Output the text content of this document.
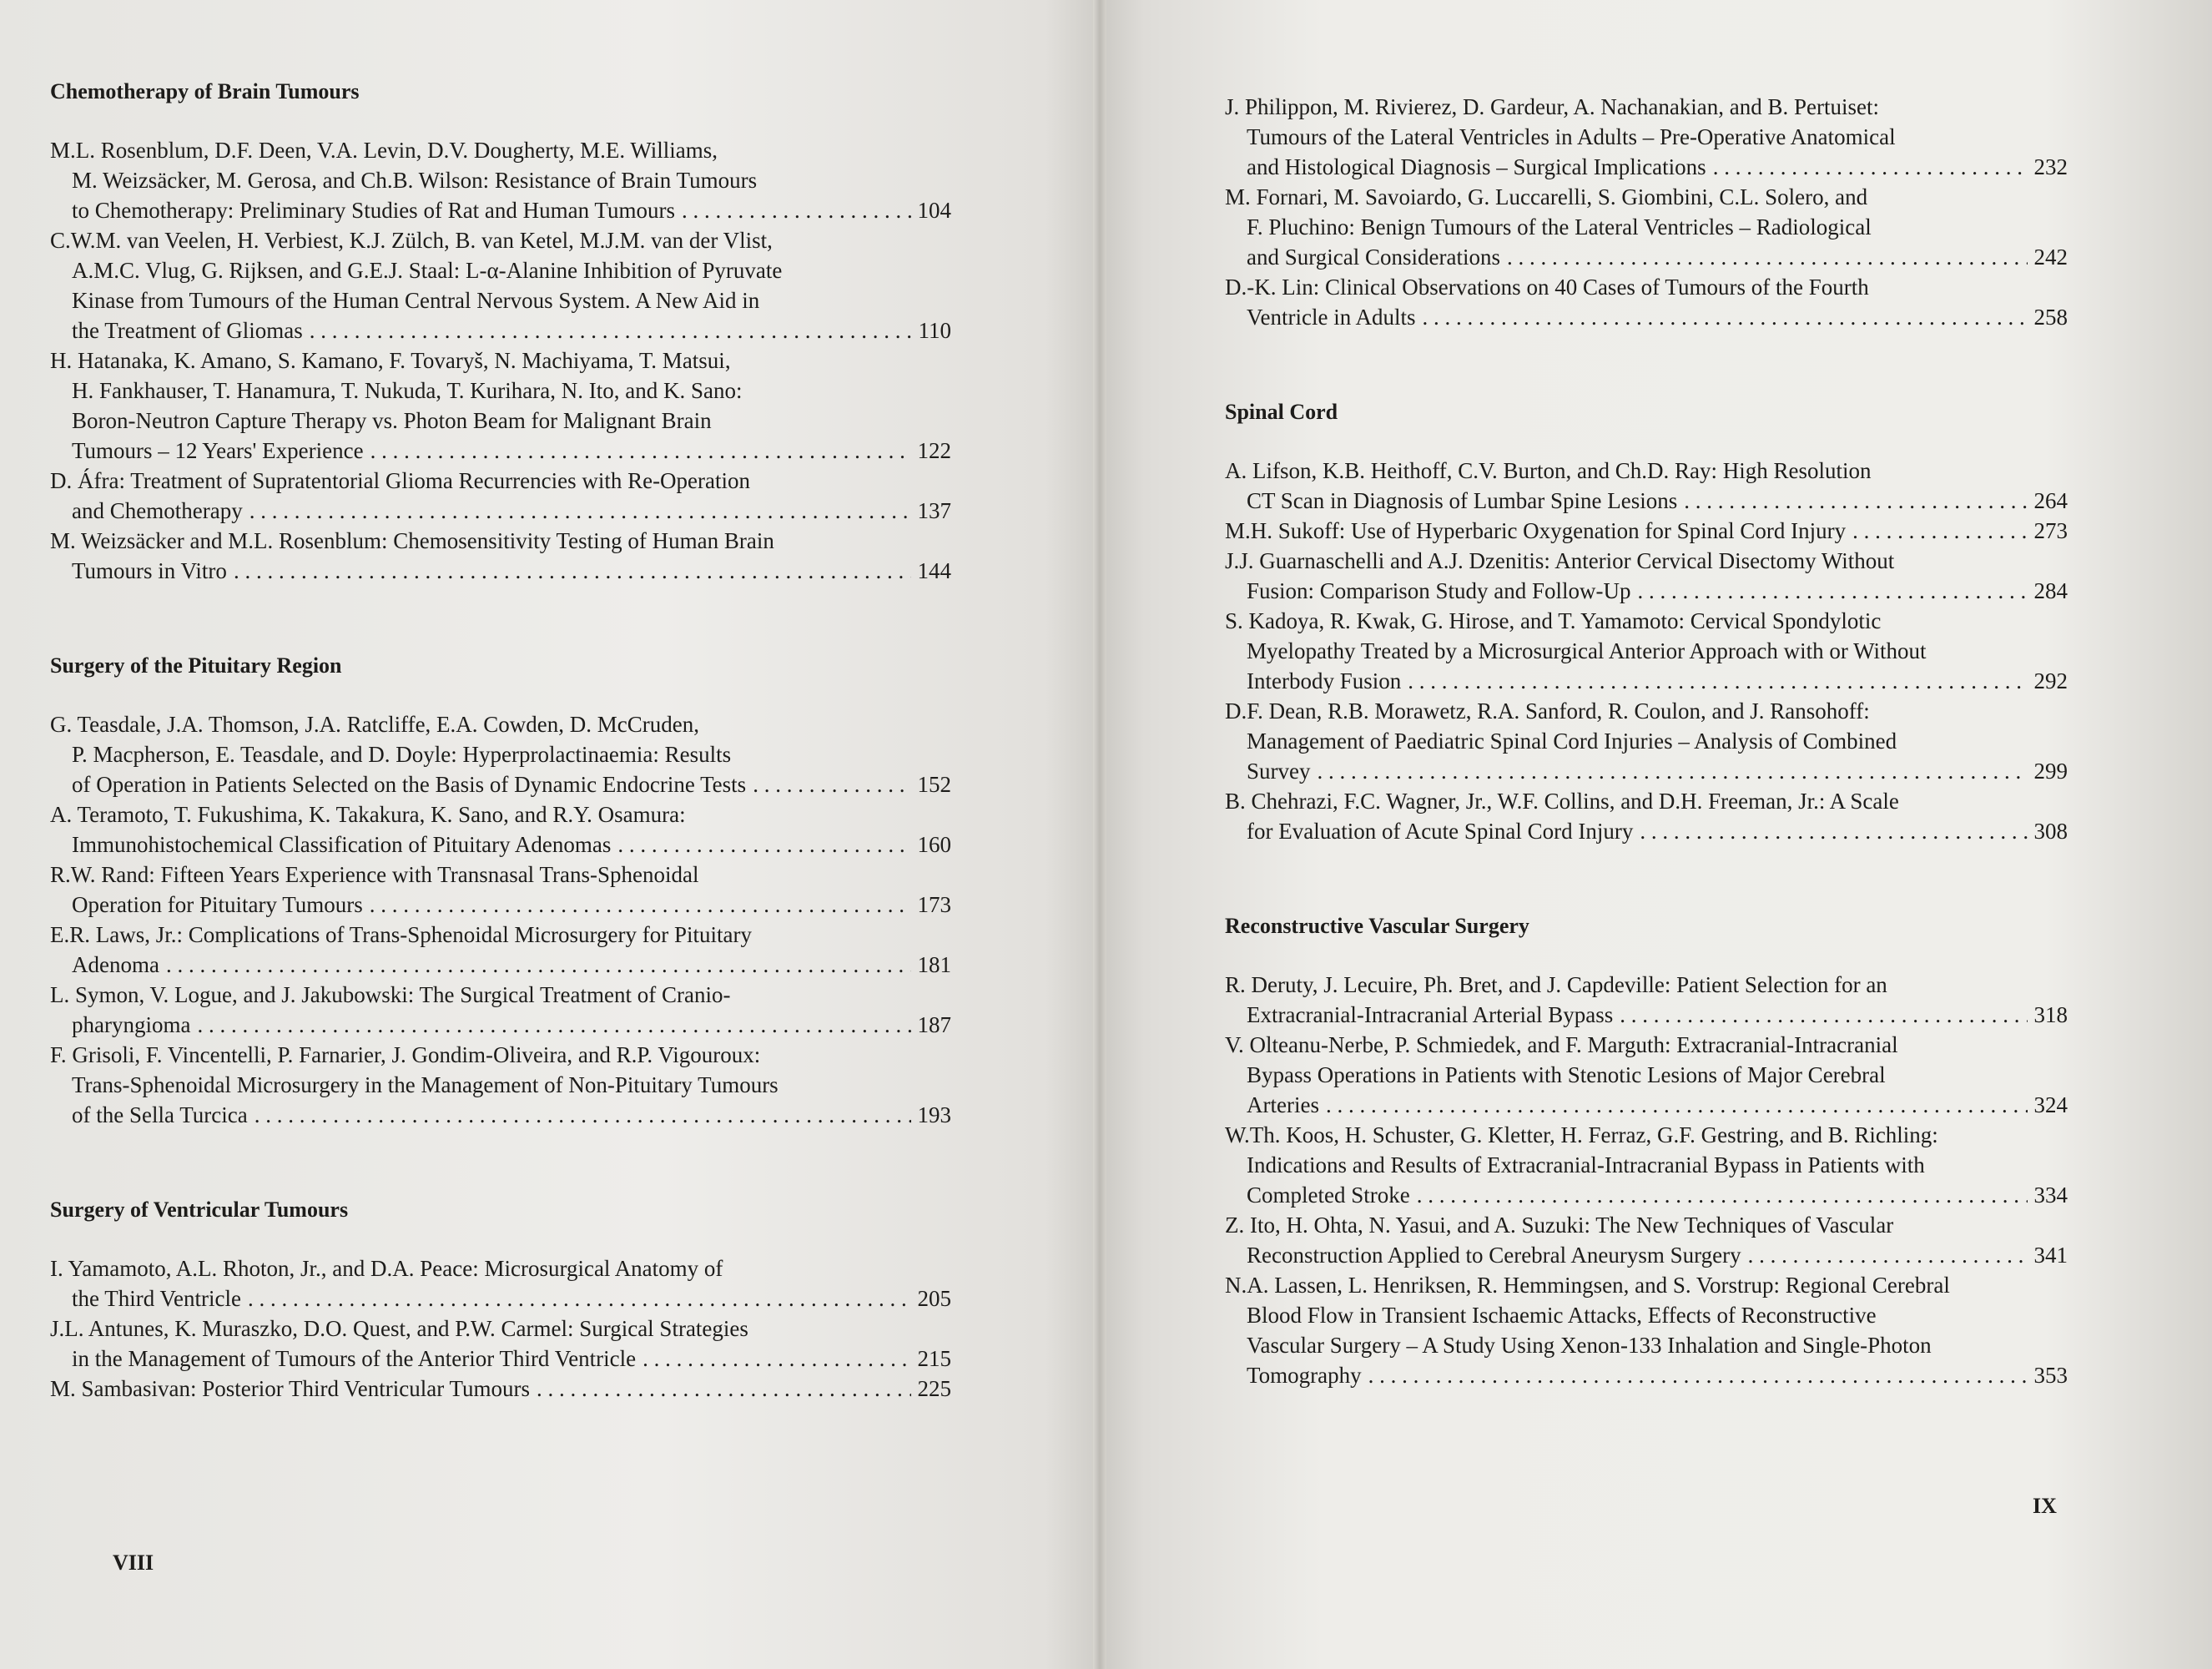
Chemotherapy of Brain Tumours
M.L. Rosenblum, D.F. Deen, V.A. Levin, D.V. Dougherty, M.E. Williams,
M. Weizsäcker, M. Gerosa, and Ch.B. Wilson: Resistance of Brain Tumours
to Chemotherapy: Preliminary Studies of Rat and Human Tumours . . .	104
C.W.M. van Veelen, H. Verbiest, K.J. Zülch, B. van Ketel, M.J.M. van der Vlist,
A.M.C. Vlug, G. Rijksen, and G.E.J. Staal: L-α-Alanine Inhibition of Pyruvate
Kinase from Tumours of the Human Central Nervous System. A New Aid in
the Treatment of Gliomas . . .	110
H. Hatanaka, K. Amano, S. Kamano, F. Tovaryš, N. Machiyama, T. Matsui,
H. Fankhauser, T. Hanamura, T. Nukuda, T. Kurihara, N. Ito, and K. Sano:
Boron-Neutron Capture Therapy vs. Photon Beam for Malignant Brain
Tumours – 12 Years' Experience . . .	122
D. Áfra: Treatment of Supratentorial Glioma Recurrencies with Re-Operation
and Chemotherapy . . .	137
M. Weizsäcker and M.L. Rosenblum: Chemosensitivity Testing of Human Brain
Tumours in Vitro . . .	144
Surgery of the Pituitary Region
G. Teasdale, J.A. Thomson, J.A. Ratcliffe, E.A. Cowden, D. McCruden,
P. Macpherson, E. Teasdale, and D. Doyle: Hyperprolactinaemia: Results
of Operation in Patients Selected on the Basis of Dynamic Endocrine Tests . . .	152
A. Teramoto, T. Fukushima, K. Takakura, K. Sano, and R.Y. Osamura:
Immunohistochemical Classification of Pituitary Adenomas . . .	160
R.W. Rand: Fifteen Years Experience with Transnasal Trans-Sphenoidal
Operation for Pituitary Tumours . . .	173
E.R. Laws, Jr.: Complications of Trans-Sphenoidal Microsurgery for Pituitary
Adenoma . . .	181
L. Symon, V. Logue, and J. Jakubowski: The Surgical Treatment of Cranio-
pharyngioma . . .	187
F. Grisoli, F. Vincentelli, P. Farnarier, J. Gondim-Oliveira, and R.P. Vigouroux:
Trans-Sphenoidal Microsurgery in the Management of Non-Pituitary Tumours
of the Sella Turcica . . .	193
Surgery of Ventricular Tumours
I. Yamamoto, A.L. Rhoton, Jr., and D.A. Peace: Microsurgical Anatomy of
the Third Ventricle . . .	205
J.L. Antunes, K. Muraszko, D.O. Quest, and P.W. Carmel: Surgical Strategies
in the Management of Tumours of the Anterior Third Ventricle . . .	215
M. Sambasivan: Posterior Third Ventricular Tumours . . .	225
VIII
J. Philippon, M. Rivierez, D. Gardeur, A. Nachanakian, and B. Pertuiset:
Tumours of the Lateral Ventricles in Adults – Pre-Operative Anatomical
and Histological Diagnosis – Surgical Implications . . .	232
M. Fornari, M. Savoiardo, G. Luccarelli, S. Giombini, C.L. Solero, and
F. Pluchino: Benign Tumours of the Lateral Ventricles – Radiological
and Surgical Considerations . . .	242
D.-K. Lin: Clinical Observations on 40 Cases of Tumours of the Fourth
Ventricle in Adults . . .	258
Spinal Cord
A. Lifson, K.B. Heithoff, C.V. Burton, and Ch.D. Ray: High Resolution
CT Scan in Diagnosis of Lumbar Spine Lesions . . .	264
M.H. Sukoff: Use of Hyperbaric Oxygenation for Spinal Cord Injury . . .	273
J.J. Guarnaschelli and A.J. Dzenitis: Anterior Cervical Disectomy Without
Fusion: Comparison Study and Follow-Up . . .	284
S. Kadoya, R. Kwak, G. Hirose, and T. Yamamoto: Cervical Spondylotic
Myelopathy Treated by a Microsurgical Anterior Approach with or Without
Interbody Fusion . . .	292
D.F. Dean, R.B. Morawetz, R.A. Sanford, R. Coulon, and J. Ransohoff:
Management of Paediatric Spinal Cord Injuries – Analysis of Combined
Survey . . .	299
B. Chehrazi, F.C. Wagner, Jr., W.F. Collins, and D.H. Freeman, Jr.: A Scale
for Evaluation of Acute Spinal Cord Injury . . .	308
Reconstructive Vascular Surgery
R. Deruty, J. Lecuire, Ph. Bret, and J. Capdeville: Patient Selection for an
Extracranial-Intracranial Arterial Bypass . . .	318
V. Olteanu-Nerbe, P. Schmiedek, and F. Marguth: Extracranial-Intracranial
Bypass Operations in Patients with Stenotic Lesions of Major Cerebral
Arteries . . .	324
W.Th. Koos, H. Schuster, G. Kletter, H. Ferraz, G.F. Gestring, and B. Richling:
Indications and Results of Extracranial-Intracranial Bypass in Patients with
Completed Stroke . . .	334
Z. Ito, H. Ohta, N. Yasui, and A. Suzuki: The New Techniques of Vascular
Reconstruction Applied to Cerebral Aneurysm Surgery . . .	341
N.A. Lassen, L. Henriksen, R. Hemmingsen, and S. Vorstrup: Regional Cerebral
Blood Flow in Transient Ischaemic Attacks, Effects of Reconstructive
Vascular Surgery – A Study Using Xenon-133 Inhalation and Single-Photon
Tomography . . .	353
IX
